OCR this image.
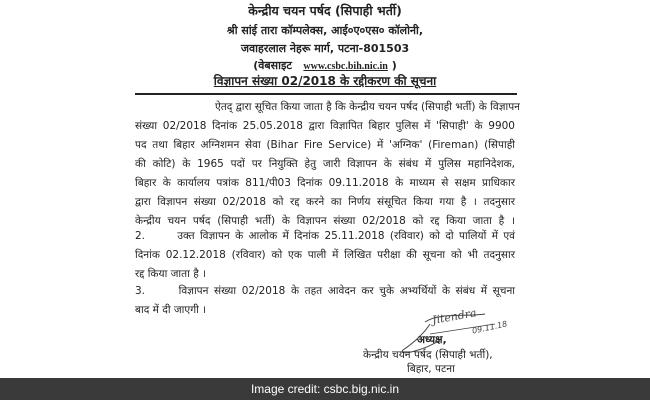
केन्द्रीय चयन पर्षद (सिपाही भर्ती)
श्री सांई तारा कॉम्पलेक्स, आई०ए०एस० कॉलोनी,
जवाहरलाल नेहरू मार्ग, पटना-801503
(वेबसाइट www.csbc.bih.nic.in )
विज्ञापन संख्या 02/2018 के रद्दीकरण की सूचना
ऐतद् द्वारा सूचित किया जाता है कि केन्द्रीय चयन पर्षद (सिपाही भर्ती) के विज्ञापन
संख्या 02/2018 दिनांक 25.05.2018 द्वारा विज्ञापित बिहार पुलिस में 'सिपाही' के 9900
पद तथा बिहार अग्निशमन सेवा (Bihar Fire Service) में 'अग्निक' (Fireman) (सिपाही
की कोटि) के 1965 पदों पर नियुक्ति हेतु जारी विज्ञापन के संबंध में पुलिस महानिदेशक,
बिहार के कार्यालय पत्रांक 811/पी03 दिनांक 09.11.2018 के माध्यम से सक्षम प्राधिकार
द्वारा विज्ञापन संख्या 02/2018 को रद्द करने का निर्णय संसूचित किया गया है । तदनुसार
केन्द्रीय चयन पर्षद (सिपाही भर्ती) के विज्ञापन संख्या 02/2018 को रद्द किया जाता है ।
2.      उक्त विज्ञापन के आलोक में दिनांक 25.11.2018 (रविवार) को दो पालियों में एवं
दिनांक 02.12.2018 (रविवार) को एक पाली में लिखित परीक्षा की सूचना को भी तदनुसार
रद्द किया जाता है ।
3.      विज्ञापन संख्या 02/2018 के तहत आवेदन कर चुके अभ्यर्थियों के संबंध में सूचना
बाद में दी जाएगी ।	Jitendra
09.11.18
अध्यक्ष,
केन्द्रीय चयन पर्षद (सिपाही भर्ती),
बिहार, पटना
Image credit: csbc.big.nic.in
